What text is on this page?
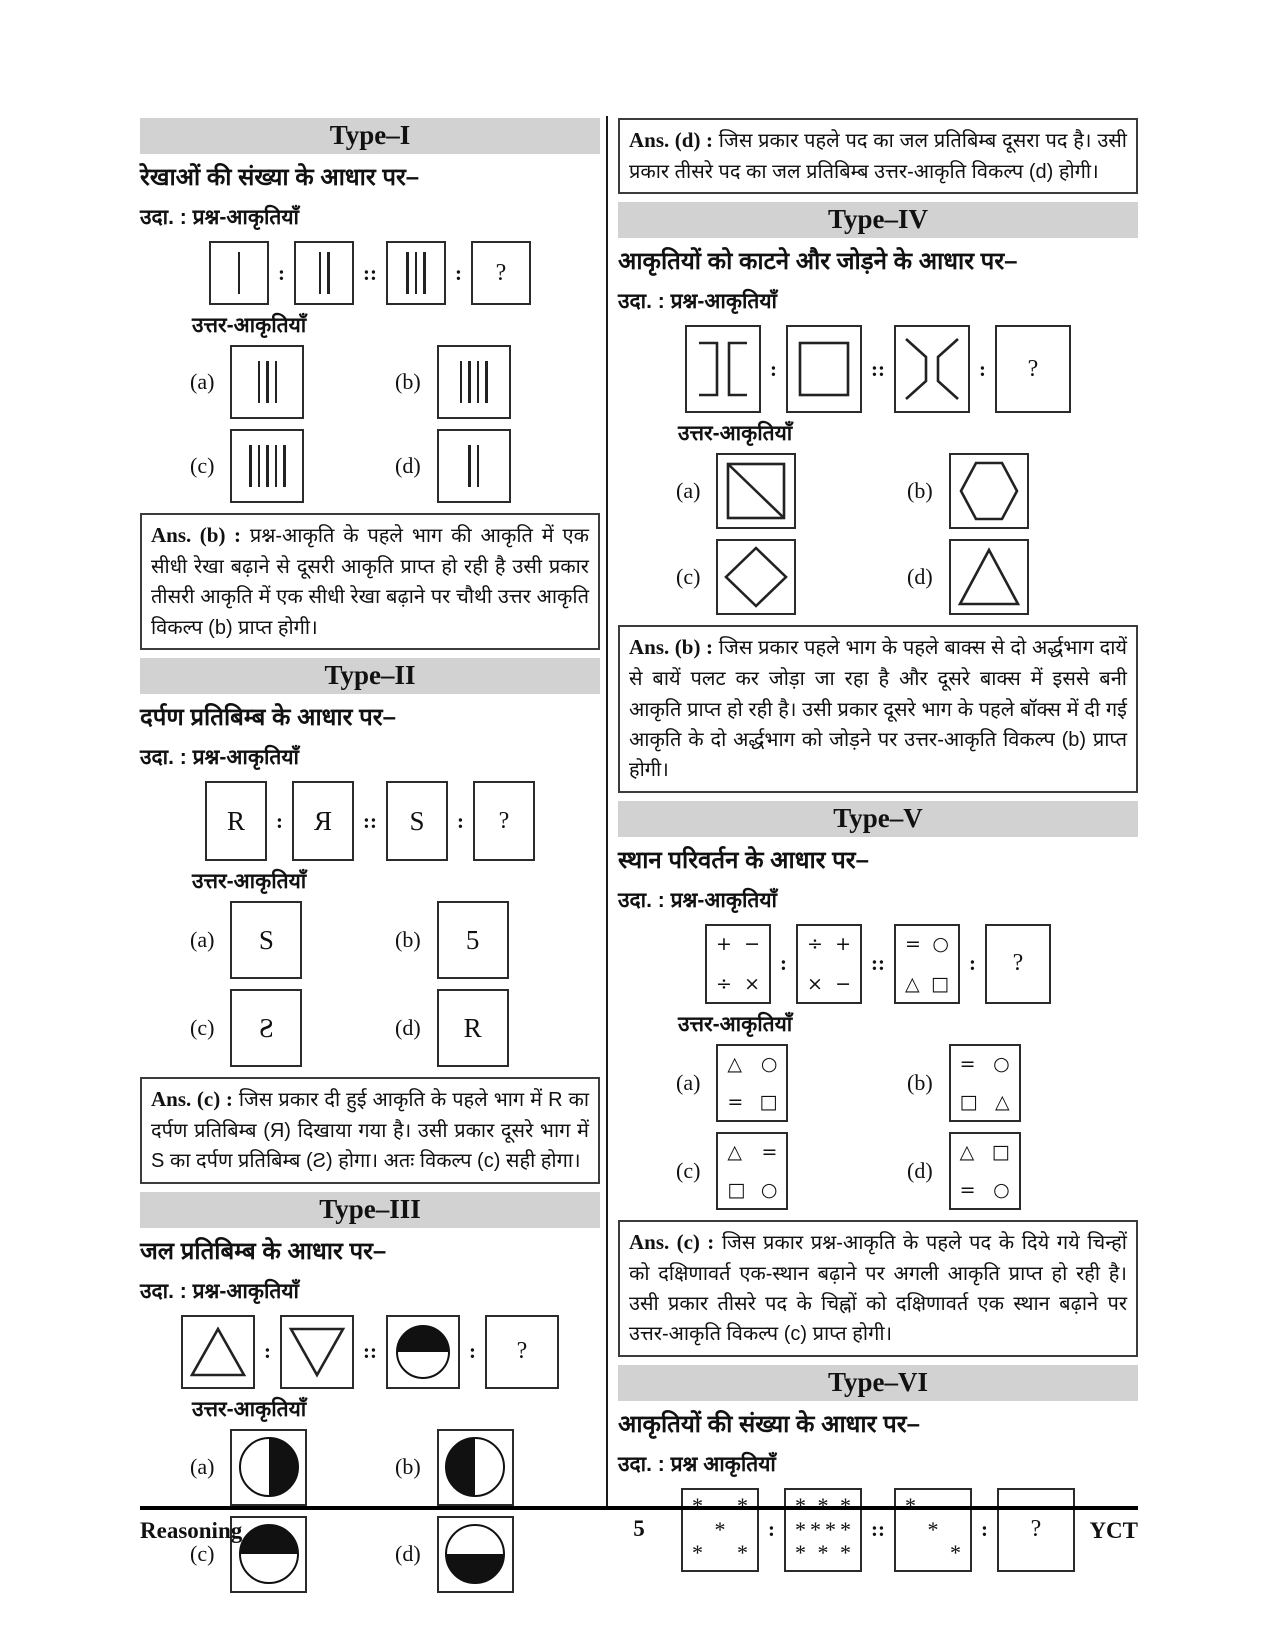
Type–I
रेखाओं की संख्या के आधार पर–
उदा. : प्रश्न-आकृतियाँ
:	::	: ?
उत्तर-आकृतियाँ
(a)	(b)
(c)	(d)
Ans. (b) : प्रश्न-आकृति के पहले भाग की आकृति में एक सीधी रेखा बढ़ाने से दूसरी आकृति प्राप्त हो रही है उसी प्रकार तीसरी आकृति में एक सीधी रेखा बढ़ाने पर चौथी उत्तर आकृति विकल्प (b) प्राप्त होगी।
Type–II
दर्पण प्रतिबिम्ब के आधार पर–
उदा. : प्रश्न-आकृतियाँ
R : Я :: S : ?
उत्तर-आकृतियाँ
(a) S	(b) 5
(c) Ƨ	(d) R
Ans. (c) : जिस प्रकार दी हुई आकृति के पहले भाग में R का दर्पण प्रतिबिम्ब (Я) दिखाया गया है। उसी प्रकार दूसरे भाग में S का दर्पण प्रतिबिम्ब (Ƨ) होगा। अतः विकल्प (c) सही होगा।
Type–III
जल प्रतिबिम्ब के आधार पर–
उदा. : प्रश्न-आकृतियाँ
:	::	: ?
उत्तर-आकृतियाँ
(a)	(b)
(c)	(d)
Ans. (d) : जिस प्रकार पहले पद का जल प्रतिबिम्ब दूसरा पद है। उसी प्रकार तीसरे पद का जल प्रतिबिम्ब उत्तर-आकृति विकल्प (d) होगी।
Type–IV
आकृतियों को काटने और जोड़ने के आधार पर–
उदा. : प्रश्न-आकृतियाँ
:	::	: ?
उत्तर-आकृतियाँ
(a)	(b)
(c)	(d)
Ans. (b) : जिस प्रकार पहले भाग के पहले बाक्स से दो अर्द्धभाग दायें से बायें पलट कर जोड़ा जा रहा है और दूसरे बाक्स में इससे बनी आकृति प्राप्त हो रही है। उसी प्रकार दूसरे भाग के पहले बॉक्स में दी गई आकृति के दो अर्द्धभाग को जोड़ने पर उत्तर-आकृति विकल्प (b) प्राप्त होगी।
Type–V
स्थान परिवर्तन के आधार पर–
उदा. : प्रश्न-आकृतियाँ
+ −
÷ ×
:
÷ +
× −
::
= ○
△ □
: ?
उत्तर-आकृतियाँ
(a)
△ ○
= □
(b)
= ○
□ △
(c)
△ =
□ ○
(d)
△ □
= ○
Ans. (c) : जिस प्रकार प्रश्न-आकृति के पहले पद के दिये गये चिन्हों को दक्षिणावर्त एक-स्थान बढ़ाने पर अगली आकृति प्राप्त हो रही है। उसी प्रकार तीसरे पद के चिह्नों को दक्षिणावर्त एक स्थान बढ़ाने पर उत्तर-आकृति विकल्प (c) प्राप्त होगी।
Type–VI
आकृतियों की संख्या के आधार पर–
उदा. : प्रश्न आकृतियाँ
* *
*
* *
:
* * *
* * * *
* * *
::
*
*
*
: ?
Reasoning	5	YCT
